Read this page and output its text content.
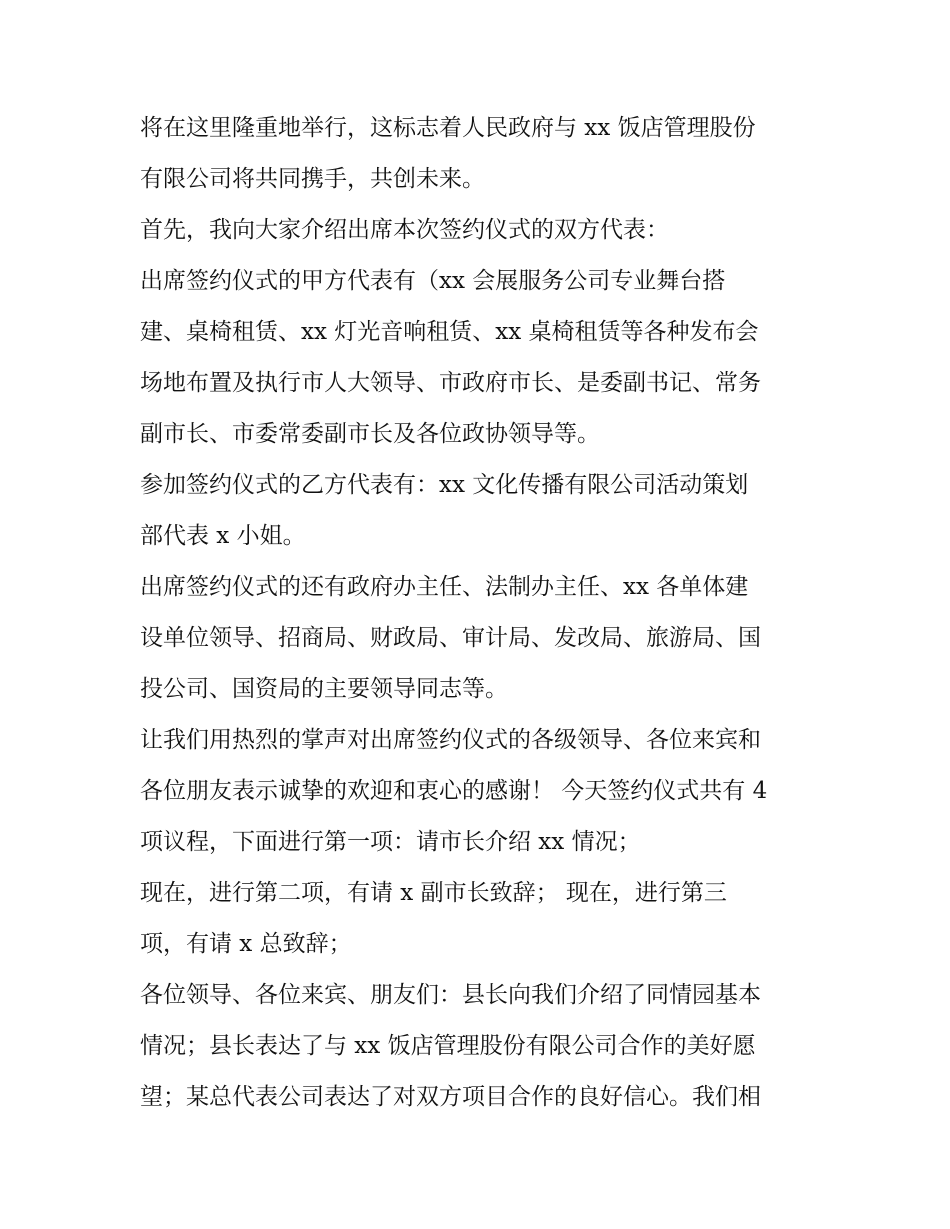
将在这里隆重地举行，这标志着人民政府与 xx 饭店管理股份

有限公司将共同携手，共创未来。

首先，我向大家介绍出席本次签约仪式的双方代表：

出席签约仪式的甲方代表有（xx 会展服务公司专业舞台搭

建、桌椅租赁、xx 灯光音响租赁、xx 桌椅租赁等各种发布会

场地布置及执行市人大领导、市政府市长、是委副书记、常务

副市长、市委常委副市长及各位政协领导等。

参加签约仪式的乙方代表有：xx 文化传播有限公司活动策划

部代表 x 小姐。

出席签约仪式的还有政府办主任、法制办主任、xx 各单体建

设单位领导、招商局、财政局、审计局、发改局、旅游局、国

投公司、国资局的主要领导同志等。

让我们用热烈的掌声对出席签约仪式的各级领导、各位来宾和

各位朋友表示诚挚的欢迎和衷心的感谢！ 今天签约仪式共有 4

项议程，下面进行第一项：请市长介绍 xx 情况；

现在，进行第二项，有请 x 副市长致辞； 现在，进行第三

项，有请 x 总致辞；

各位领导、各位来宾、朋友们：县长向我们介绍了同情园基本

情况；县长表达了与 xx 饭店管理股份有限公司合作的美好愿

望；某总代表公司表达了对双方项目合作的良好信心。我们相
